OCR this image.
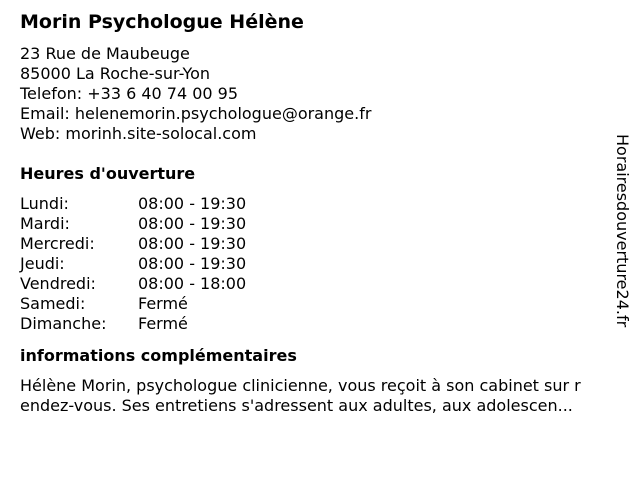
Morin Psychologue Hélène
23 Rue de Maubeuge
85000 La Roche-sur-Yon
Telefon: +33 6 40 74 00 95
Email: helenemorin.psychologue@orange.fr
Web: morinh.site-solocal.com
Heures d'ouverture
Lundi:	08:00 - 19:30
Mardi:	08:00 - 19:30
Mercredi:	08:00 - 19:30
Jeudi:	08:00 - 19:30
Vendredi:	08:00 - 18:00
Samedi:	Fermé
Dimanche: Fermé
informations complémentaires
Hélène Morin, psychologue clinicienne, vous reçoit à son cabinet sur r
endez-vous. Ses entretiens s'adressent aux adultes, aux adolescen...
Horairesdouverture24.fr
